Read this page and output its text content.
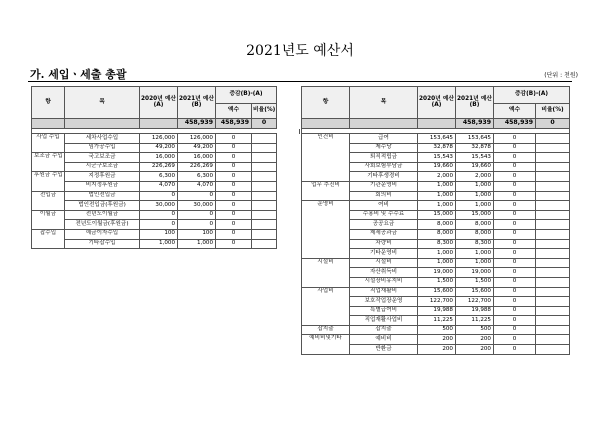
2021년도 예산서
가. 세입ㆍ세출 총괄	(단위 : 천원)
항	목	2020년 예산(A)	2021년 예산(B)	증감(B)-(A)		
				액수	비율(%)	
			458,939	458,939	0	

사업 수입	세차사업수입	126,000	126,000	0		
	임가공수입	49,200	49,200	0		
보조금 수입	국고보조금	16,000	16,000	0		
	시군구보조금	226,269	226,269	0		
후원금 수입	지정후원금	6,300	6,300	0		
	비지정후원금	4,070	4,070	0		
전입금	법인전입금	0	0	0		
	법인전입금(후원금)	30,000	30,000	0		
이월금	전년도이월금	0	0	0		
	전년도이월금(후원금)	0	0	0		
잡수입	예금이자수입	100	100	0		
	기타잡수입	1,000	1,000	0		
항	목	2020년 예산(A)	2021년 예산(B)	증감(B)-(A)	
				액수	비율(%)
			458,939	458,939	0

인건비	급여	153,645	153,645	0	
	제수당	32,878	32,878	0	
	퇴직적립금	15,543	15,543	0	
	사회보험부담금	19,660	19,660	0	
	기타후생경비	2,000	2,000	0	
업무 추진비	기관운영비	1,000	1,000	0	
	회의비	1,000	1,000	0	
운영비	여비	1,000	1,000	0	
	수용비 및 수수료	15,000	15,000	0	
	공공요금	8,000	8,000	0	
	제세공과금	8,000	8,000	0	
	차량비	8,300	8,300	0	
	기타운영비	1,000	1,000	0	
시설비	시설비	1,000	1,000	0	
	자산취득비	19,000	19,000	0	
	시설장비유지비	1,500	1,500	0	
사업비	직업재활비	15,600	15,600	0	
	보호작업장운영	122,700	122,700	0	
	특별급여비	19,988	19,988	0	
	직업재활사업비	11,225	11,225	0	
잡지출	잡지출	500	500	0	
예비비및기타	예비비	200	200	0	
	반환금	200	200	0	
